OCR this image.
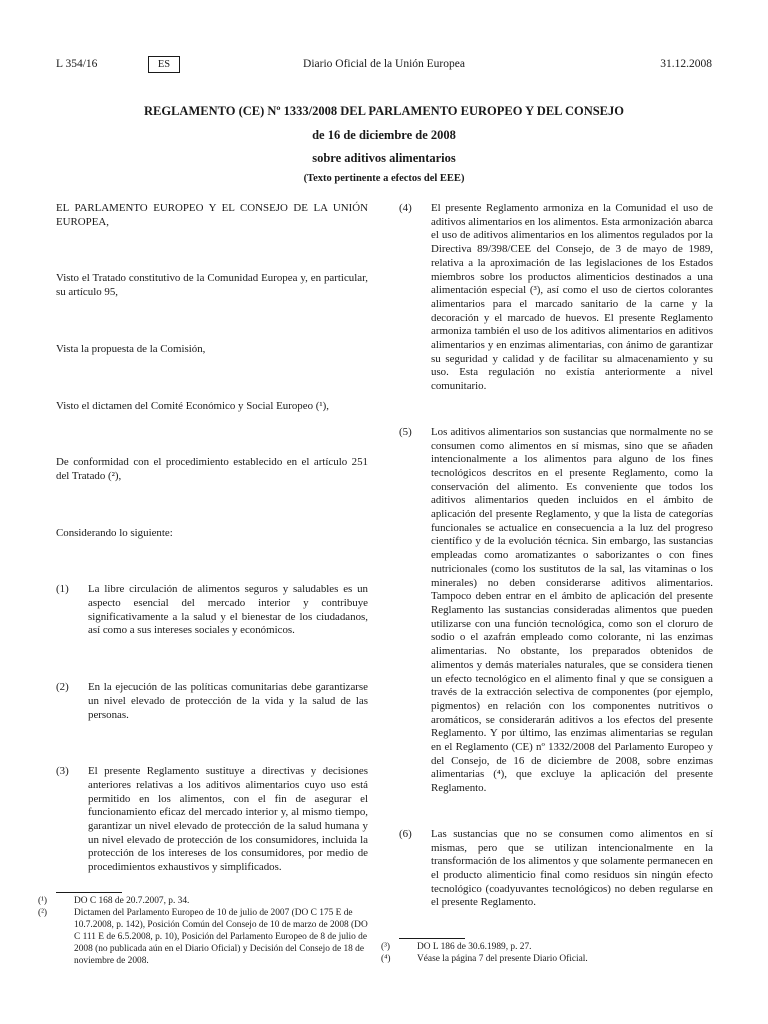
L 354/16	ES	Diario Oficial de la Unión Europea	31.12.2008

REGLAMENTO (CE) Nº 1333/2008 DEL PARLAMENTO EUROPEO Y DEL CONSEJO

de 16 de diciembre de 2008

sobre aditivos alimentarios

(Texto pertinente a efectos del EEE)

EL PARLAMENTO EUROPEO Y EL CONSEJO DE LA UNIÓN EUROPEA,

Visto el Tratado constitutivo de la Comunidad Europea y, en particular, su artículo 95,

Vista la propuesta de la Comisión,

Visto el dictamen del Comité Económico y Social Europeo (¹),

De conformidad con el procedimiento establecido en el artículo 251 del Tratado (²),

Considerando lo siguiente:

(1) La libre circulación de alimentos seguros y saludables es un aspecto esencial del mercado interior y contribuye significativamente a la salud y el bienestar de los ciudadanos, así como a sus intereses sociales y económicos.
(2) En la ejecución de las políticas comunitarias debe garantizarse un nivel elevado de protección de la vida y la salud de las personas.
(3) El presente Reglamento sustituye a directivas y decisiones anteriores relativas a los aditivos alimentarios cuyo uso está permitido en los alimentos, con el fin de asegurar el funcionamiento eficaz del mercado interior y, al mismo tiempo, garantizar un nivel elevado de protección de la salud humana y un nivel elevado de protección de los consumidores, incluida la protección de los intereses de los consumidores, por medio de procedimientos exhaustivos y simplificados.

(¹)	DO C 168 de 20.7.2007, p. 34.

(²)	Dictamen del Parlamento Europeo de 10 de julio de 2007 (DO C 175 E de 10.7.2008, p. 142), Posición Común del Consejo de 10 de marzo de 2008 (DO C 111 E de 6.5.2008, p. 10), Posición del Parlamento Europeo de 8 de julio de 2008 (no publicada aún en el Diario Oficial) y Decisión del Consejo de 18 de noviembre de 2008.

(4) El presente Reglamento armoniza en la Comunidad el uso de aditivos alimentarios en los alimentos. Esta armonización abarca el uso de aditivos alimentarios en los alimentos regulados por la Directiva 89/398/CEE del Consejo, de 3 de mayo de 1989, relativa a la aproximación de las legislaciones de los Estados miembros sobre los productos alimenticios destinados a una alimentación especial (³), así como el uso de ciertos colorantes alimentarios para el marcado sanitario de la carne y la decoración y el marcado de huevos. El presente Reglamento armoniza también el uso de los aditivos alimentarios en aditivos alimentarios y en enzimas alimentarias, con ánimo de garantizar su seguridad y calidad y de facilitar su almacenamiento y su uso. Esta regulación no existía anteriormente a nivel comunitario.
(5) Los aditivos alimentarios son sustancias que normalmente no se consumen como alimentos en sí mismas, sino que se añaden intencionalmente a los alimentos para alguno de los fines tecnológicos descritos en el presente Reglamento, como la conservación del alimento. Es conveniente que todos los aditivos alimentarios queden incluidos en el ámbito de aplicación del presente Reglamento, y que la lista de categorías funcionales se actualice en consecuencia a la luz del progreso científico y de la evolución técnica. Sin embargo, las sustancias empleadas como aromatizantes o saborizantes o con fines nutricionales (como los sustitutos de la sal, las vitaminas o los minerales) no deben considerarse aditivos alimentarios. Tampoco deben entrar en el ámbito de aplicación del presente Reglamento las sustancias consideradas alimentos que pueden utilizarse con una función tecnológica, como son el cloruro de sodio o el azafrán empleado como colorante, ni las enzimas alimentarias. No obstante, los preparados obtenidos de alimentos y demás materiales naturales, que se considera tienen un efecto tecnológico en el alimento final y que se consiguen a través de la extracción selectiva de componentes (por ejemplo, pigmentos) en relación con los componentes nutritivos o aromáticos, se considerarán aditivos a los efectos del presente Reglamento. Y por último, las enzimas alimentarias se regulan en el Reglamento (CE) nº 1332/2008 del Parlamento Europeo y del Consejo, de 16 de diciembre de 2008, sobre enzimas alimentarias (⁴), que excluye la aplicación del presente Reglamento.
(6) Las sustancias que no se consumen como alimentos en sí mismas, pero que se utilizan intencionalmente en la transformación de los alimentos y que solamente permanecen en el producto alimenticio final como residuos sin ningún efecto tecnológico (coadyuvantes tecnológicos) no deben regularse en el presente Reglamento.

(³)	DO L 186 de 30.6.1989, p. 27.

(⁴)	Véase la página 7 del presente Diario Oficial.
